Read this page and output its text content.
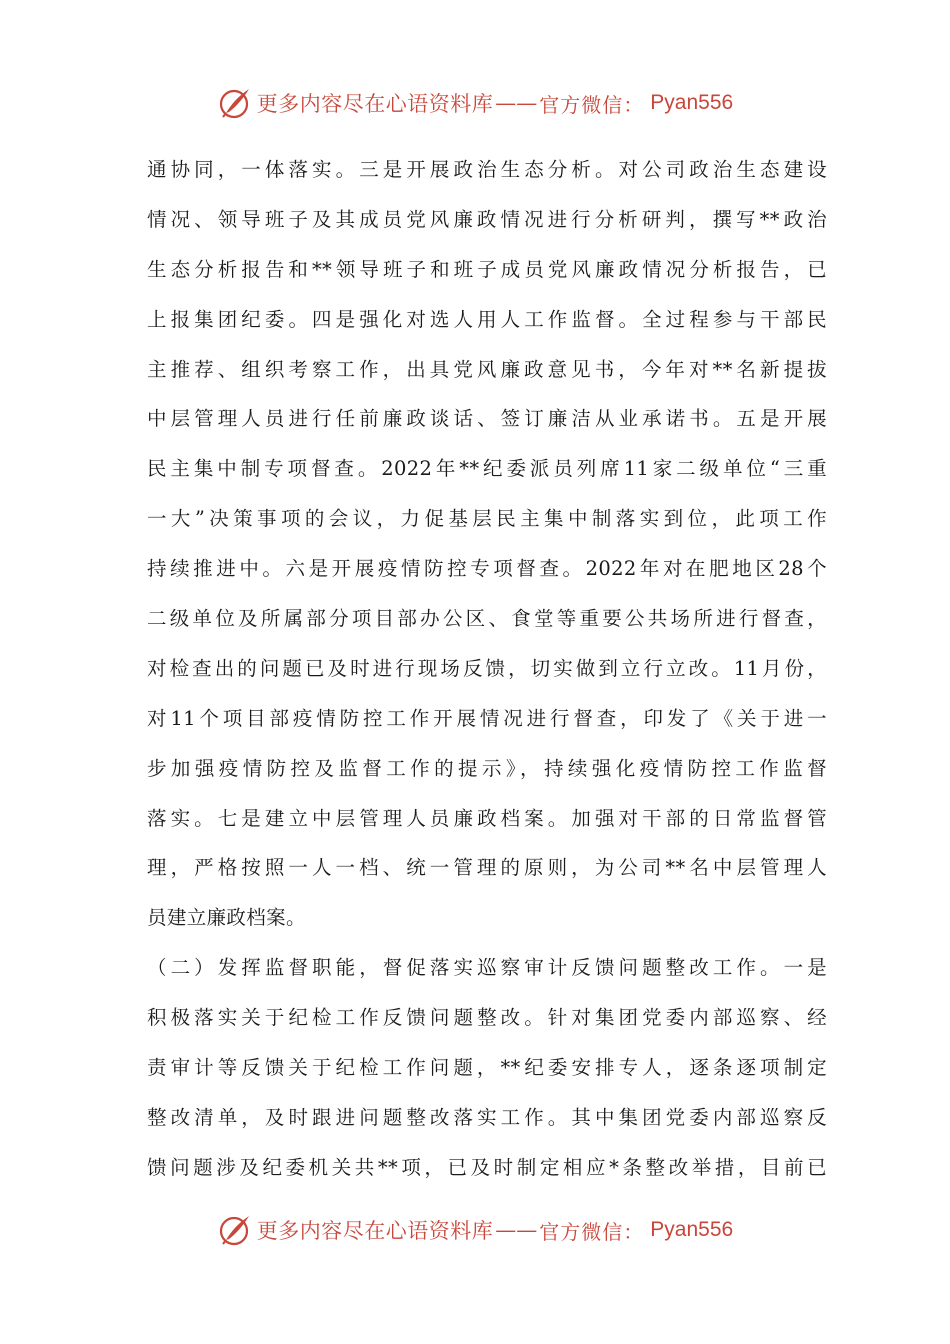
更多内容尽在心语资料库 —— 官方微信： Pyan556
通协同，一体落实。三是开展政治生态分析。对公司政治生态建设
情况、领导班子及其成员党风廉政情况进行分析研判，撰写**政治
生态分析报告和**领导班子和班子成员党风廉政情况分析报告，已
上报集团纪委。四是强化对选人用人工作监督。全过程参与干部民
主推荐、组织考察工作，出具党风廉政意见书，今年对**名新提拔
中层管理人员进行任前廉政谈话、签订廉洁从业承诺书。五是开展
民主集中制专项督查。2022年**纪委派员列席11家二级单位“三重
一大”决策事项的会议，力促基层民主集中制落实到位，此项工作
持续推进中。六是开展疫情防控专项督查。2022年对在肥地区28个
二级单位及所属部分项目部办公区、食堂等重要公共场所进行督查，
对检查出的问题已及时进行现场反馈，切实做到立行立改。11月份，
对11个项目部疫情防控工作开展情况进行督查，印发了《关于进一
步加强疫情防控及监督工作的提示》，持续强化疫情防控工作监督
落实。七是建立中层管理人员廉政档案。加强对干部的日常监督管
理，严格按照一人一档、统一管理的原则，为公司**名中层管理人
员建立廉政档案。
（二）发挥监督职能，督促落实巡察审计反馈问题整改工作。一是
积极落实关于纪检工作反馈问题整改。针对集团党委内部巡察、经
责审计等反馈关于纪检工作问题，**纪委安排专人，逐条逐项制定
整改清单，及时跟进问题整改落实工作。其中集团党委内部巡察反
馈问题涉及纪委机关共**项，已及时制定相应*条整改举措，目前已
更多内容尽在心语资料库 —— 官方微信： Pyan556
